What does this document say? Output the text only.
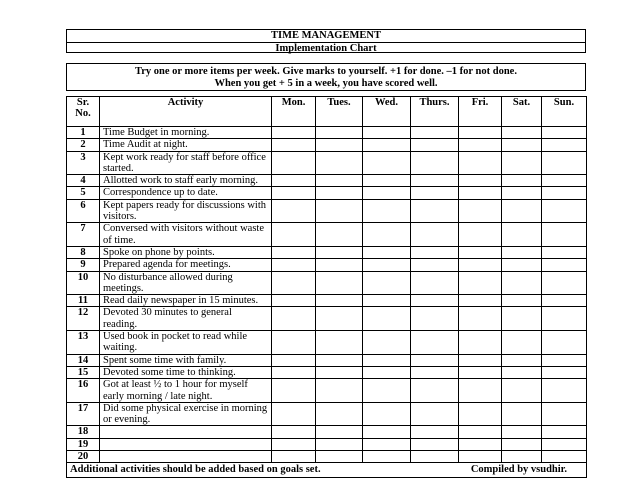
TIME MANAGEMENT
Implementation Chart
Try one or more items per week. Give marks to yourself. +1 for done. –1 for not done.
When you get + 5 in a week, you have scored well.
Sr. No.	Activity	Mon.	Tues.	Wed.	Thurs.	Fri.	Sat.	Sun.
1	Time Budget in morning.							
2	Time Audit at night.							
3	Kept work ready for staff before office started.							
4	Allotted work to staff early morning.							
5	Correspondence up to date.							
6	Kept papers ready for discussions with visitors.							
7	Conversed with visitors without waste of time.							
8	Spoke on phone by points.							
9	Prepared agenda for meetings.							
10	No disturbance allowed during meetings.							
11	Read daily newspaper in 15 minutes.							
12	Devoted 30 minutes to general reading.							
13	Used book in pocket to read while waiting.							
14	Spent some time with family.							
15	Devoted some time to thinking.							
16	Got at least ½ to 1 hour for myself early morning / late night.							
17	Did some physical exercise in morning or evening.							
18								
19								
20								

Compiled by vsudhir.
Additional activities should be added based on goals set.								
